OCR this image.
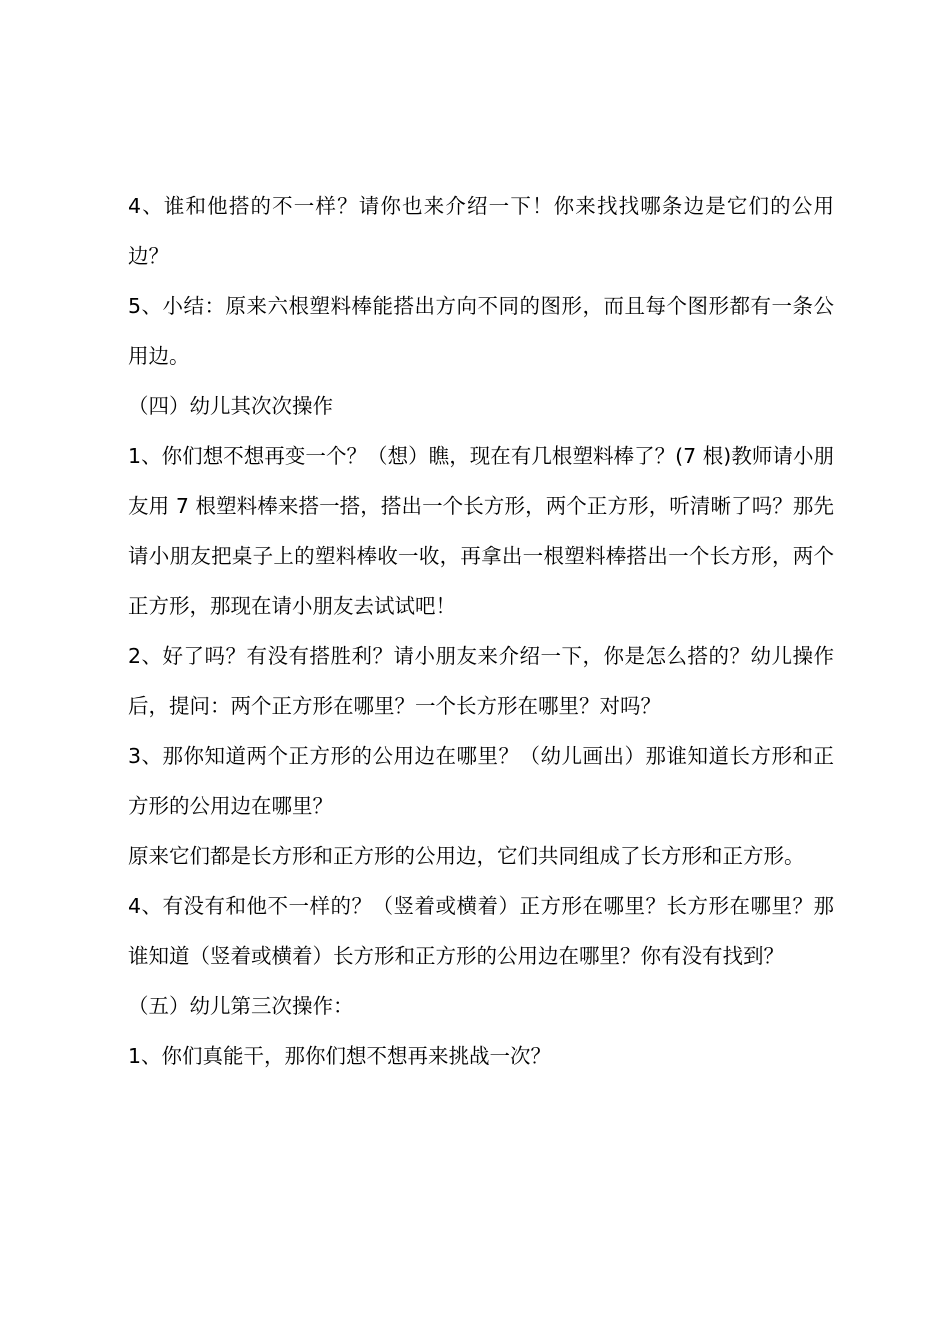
4、谁和他搭的不一样？请你也来介绍一下！你来找找哪条边是它们的公用边？

5、小结：原来六根塑料棒能搭出方向不同的图形，而且每个图形都有一条公用边。

（四）幼儿其次次操作

1、你们想不想再变一个？（想）瞧，现在有几根塑料棒了？(7 根)教师请小朋友用 7 根塑料棒来搭一搭，搭出一个长方形，两个正方形，听清晰了吗？那先请小朋友把桌子上的塑料棒收一收，再拿出一根塑料棒搭出一个长方形，两个正方形，那现在请小朋友去试试吧！

2、好了吗？有没有搭胜利？请小朋友来介绍一下，你是怎么搭的？幼儿操作后，提问：两个正方形在哪里？一个长方形在哪里？对吗？

3、那你知道两个正方形的公用边在哪里？（幼儿画出）那谁知道长方形和正方形的公用边在哪里？

原来它们都是长方形和正方形的公用边，它们共同组成了长方形和正方形。

4、有没有和他不一样的？（竖着或横着）正方形在哪里？长方形在哪里？那谁知道（竖着或横着）长方形和正方形的公用边在哪里？你有没有找到？

（五）幼儿第三次操作：

1、你们真能干，那你们想不想再来挑战一次？
